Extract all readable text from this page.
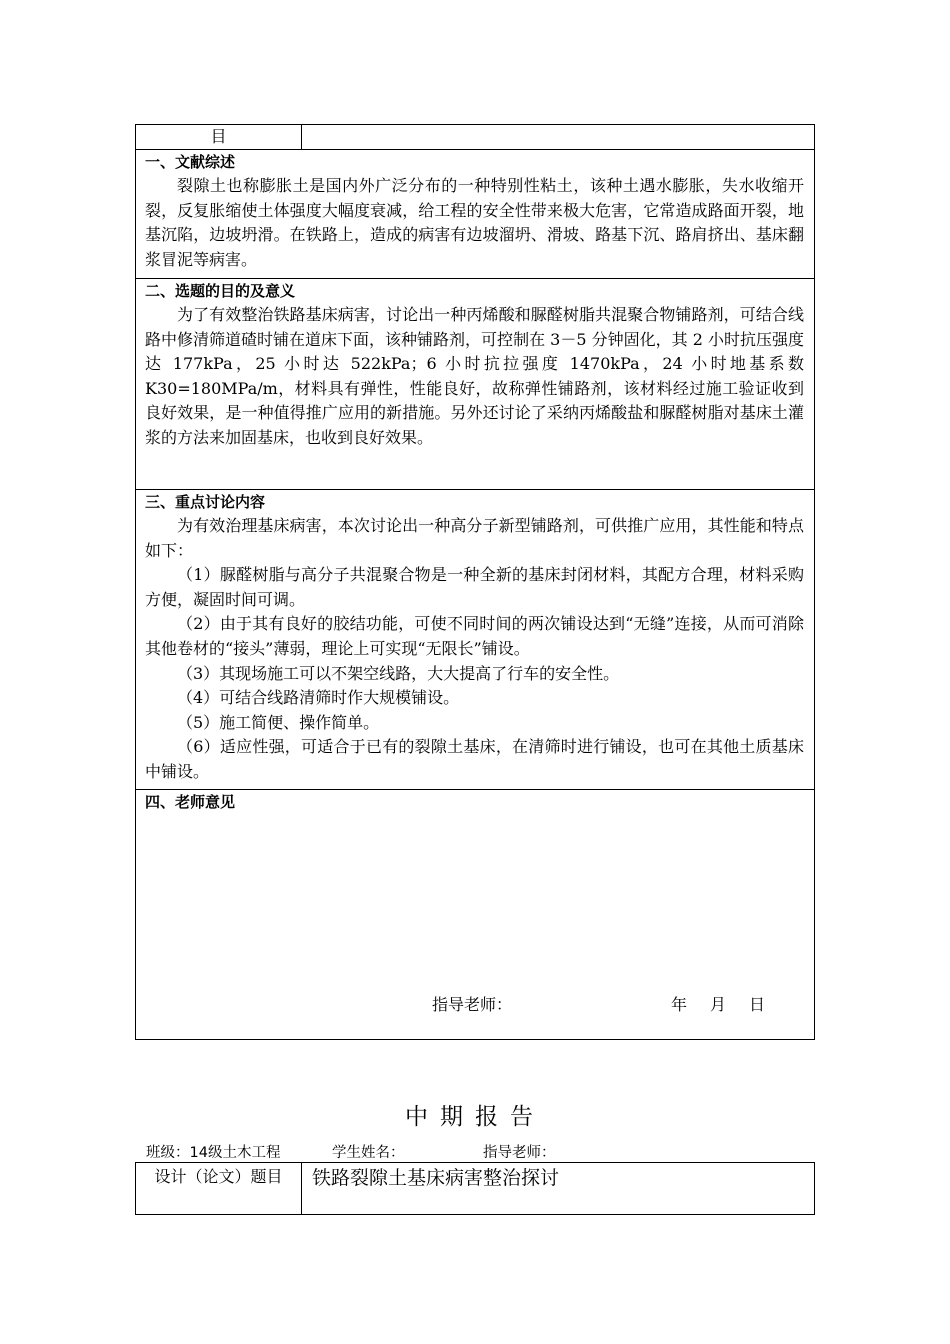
目
一、文献综述

裂隙土也称膨胀土是国内外广泛分布的一种特别性粘土，该种土遇水膨胀，失水收缩开裂，反复胀缩使土体强度大幅度衰减，给工程的安全性带来极大危害，它常造成路面开裂，地基沉陷，边坡坍滑。在铁路上，造成的病害有边坡溜坍、滑坡、路基下沉、路肩挤出、基床翻浆冒泥等病害。

二、选题的目的及意义

为了有效整治铁路基床病害，讨论出一种丙烯酸和脲醛树脂共混聚合物铺路剂，可结合线路中修清筛道碴时铺在道床下面，该种铺路剂，可控制在 3－5 分钟固化，其 2 小时抗压强度达 177kPa，25 小时达 522kPa；6 小时抗拉强度 1470kPa，24 小时地基系数 K30=180MPa/m，材料具有弹性，性能良好，故称弹性铺路剂，该材料经过施工验证收到良好效果，是一种值得推广应用的新措施。另外还讨论了采纳丙烯酸盐和脲醛树脂对基床土灌浆的方法来加固基床，也收到良好效果。

三、重点讨论内容

为有效治理基床病害，本次讨论出一种高分子新型铺路剂，可供推广应用，其性能和特点如下：

（1）脲醛树脂与高分子共混聚合物是一种全新的基床封闭材料，其配方合理，材料采购方便，凝固时间可调。

（2）由于其有良好的胶结功能，可使不同时间的两次铺设达到“无缝”连接，从而可消除其他卷材的“接头”薄弱，理论上可实现“无限长”铺设。

（3）其现场施工可以不架空线路，大大提高了行车的安全性。

（4）可结合线路清筛时作大规模铺设。

（5）施工简便、操作简单。

（6）适应性强，可适合于已有的裂隙土基床，在清筛时进行铺设，也可在其他土质基床中铺设。

四、老师意见
指导老师：	年 月 日
中期报告
班级：14级土木工程	学生姓名：	指导老师：
设计（论文）题目	铁路裂隙土基床病害整治探讨
